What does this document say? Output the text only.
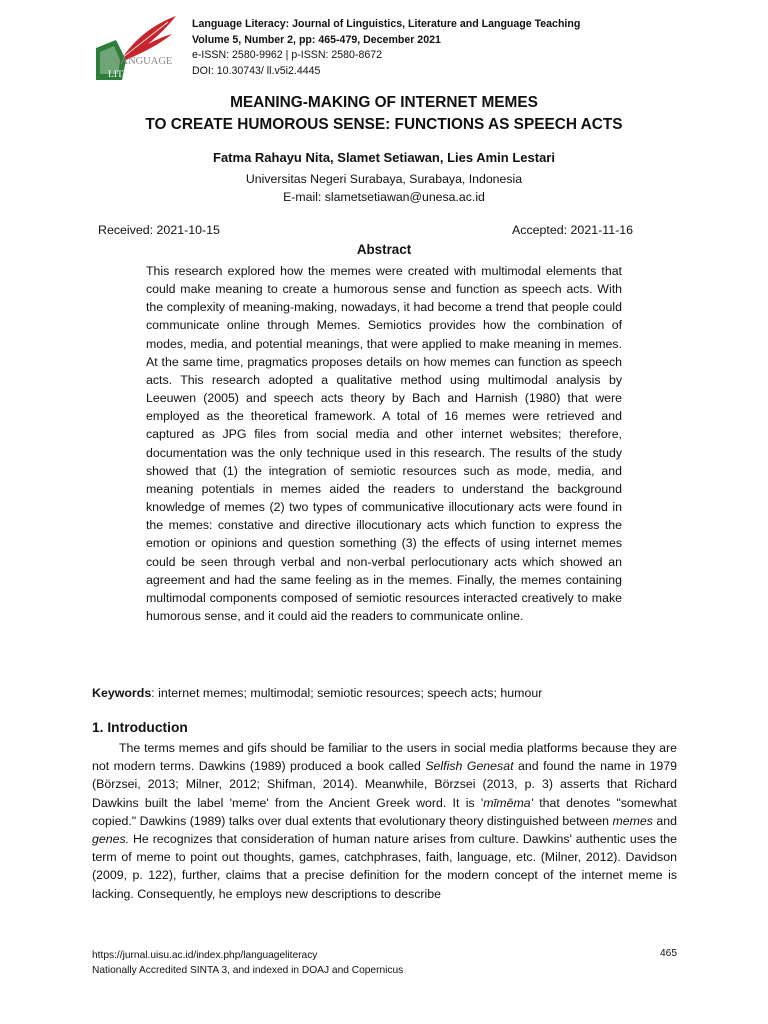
LANGUAGE
LITERACY
Language Literacy: Journal of Linguistics, Literature and Language Teaching
Volume 5, Number 2, pp: 465-479, December 2021
e-ISSN: 2580-9962 | p-ISSN: 2580-8672
DOI: 10.30743/ ll.v5i2.4445
MEANING-MAKING OF INTERNET MEMES
TO CREATE HUMOROUS SENSE: FUNCTIONS AS SPEECH ACTS
Fatma Rahayu Nita, Slamet Setiawan, Lies Amin Lestari
Universitas Negeri Surabaya, Surabaya, Indonesia
E-mail: slametsetiawan@unesa.ac.id
Received: 2021-10-15	Accepted: 2021-11-16
Abstract

This research explored how the memes were created with multimodal elements that could make meaning to create a humorous sense and function as speech acts. With the complexity of meaning-making, nowadays, it had become a trend that people could communicate online through Memes. Semiotics provides how the combination of modes, media, and potential meanings, that were applied to make meaning in memes. At the same time, pragmatics proposes details on how memes can function as speech acts. This research adopted a qualitative method using multimodal analysis by Leeuwen (2005) and speech acts theory by Bach and Harnish (1980) that were employed as the theoretical framework. A total of 16 memes were retrieved and captured as JPG files from social media and other internet websites; therefore, documentation was the only technique used in this research. The results of the study showed that (1) the integration of semiotic resources such as mode, media, and meaning potentials in memes aided the readers to understand the background knowledge of memes (2) two types of communicative illocutionary acts were found in the memes: constative and directive illocutionary acts which function to express the emotion or opinions and question something (3) the effects of using internet memes could be seen through verbal and non-verbal perlocutionary acts which showed an agreement and had the same feeling as in the memes. Finally, the memes containing multimodal components composed of semiotic resources interacted creatively to make humorous sense, and it could aid the readers to communicate online.

Keywords: internet memes; multimodal; semiotic resources; speech acts; humour
1. Introduction

The terms memes and gifs should be familiar to the users in social media platforms because they are not modern terms. Dawkins (1989) produced a book called Selfish Genesat and found the name in 1979 (Börzsei, 2013; Milner, 2012; Shifman, 2014). Meanwhile, Börzsei (2013, p. 3) asserts that Richard Dawkins built the label 'meme' from the Ancient Greek word. It is 'mīmēma' that denotes "somewhat copied." Dawkins (1989) talks over dual extents that evolutionary theory distinguished between memes and genes. He recognizes that consideration of human nature arises from culture. Dawkins' authentic uses the term of meme to point out thoughts, games, catchphrases, faith, language, etc. (Milner, 2012). Davidson (2009, p. 122), further, claims that a precise definition for the modern concept of the internet meme is lacking. Consequently, he employs new descriptions to describe

https://jurnal.uisu.ac.id/index.php/languageliteracy
Nationally Accredited SINTA 3, and indexed in DOAJ and Copernicus
465
